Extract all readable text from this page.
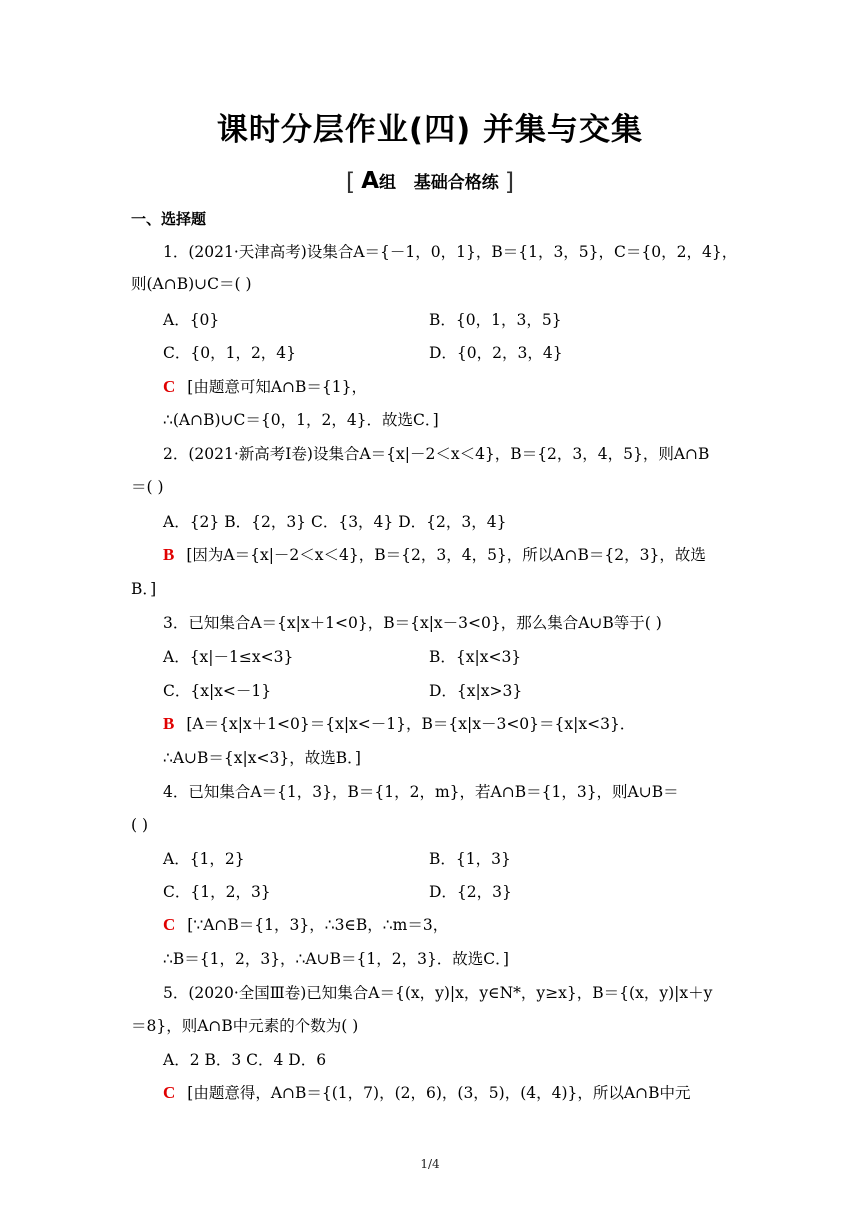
课时分层作业(四) 并集与交集
[ A组 基础合格练 ]
一、选择题
1．(2021·天津高考)设集合A＝{－1，0，1}，B＝{1，3，5}，C＝{0，2，4}，
则(A∩B)∪C＝( )
A．{0}	B．{0，1，3，5}
C．{0，1，2，4}	D．{0，2，3，4}
C [由题意可知A∩B＝{1}，
∴(A∩B)∪C＝{0，1，2，4}．故选C．]
2．(2021·新高考Ⅰ卷)设集合A＝{x|－2＜x＜4}，B＝{2，3，4，5}，则A∩B
＝( )
A．{2} B．{2，3} C．{3，4} D．{2，3，4}
B [因为A＝{x|－2＜x＜4}，B＝{2，3，4，5}，所以A∩B＝{2，3}，故选
B．]
3．已知集合A＝{x|x＋1<0}，B＝{x|x－3<0}，那么集合A∪B等于( )
A．{x|－1≤x<3}	B．{x|x<3}
C．{x|x<－1}	D．{x|x>3}
B [A＝{x|x＋1<0}＝{x|x<－1}，B＝{x|x－3<0}＝{x|x<3}．
∴A∪B＝{x|x<3}，故选B．]
4．已知集合A＝{1，3}，B＝{1，2，m}，若A∩B＝{1，3}，则A∪B＝
( )
A．{1，2}	B．{1，3}
C．{1，2，3}	D．{2，3}
C [∵A∩B＝{1，3}，∴3∈B，∴m＝3，
∴B＝{1，2，3}，∴A∪B＝{1，2，3}．故选C．]
5．(2020·全国Ⅲ卷)已知集合A＝{(x，y)|x，y∈N*，y≥x}，B＝{(x，y)|x＋y
＝8}，则A∩B中元素的个数为( )
A．2 B．3 C．4 D．6
C [由题意得，A∩B＝{(1，7)，(2，6)，(3，5)，(4，4)}，所以A∩B中元
1/4
